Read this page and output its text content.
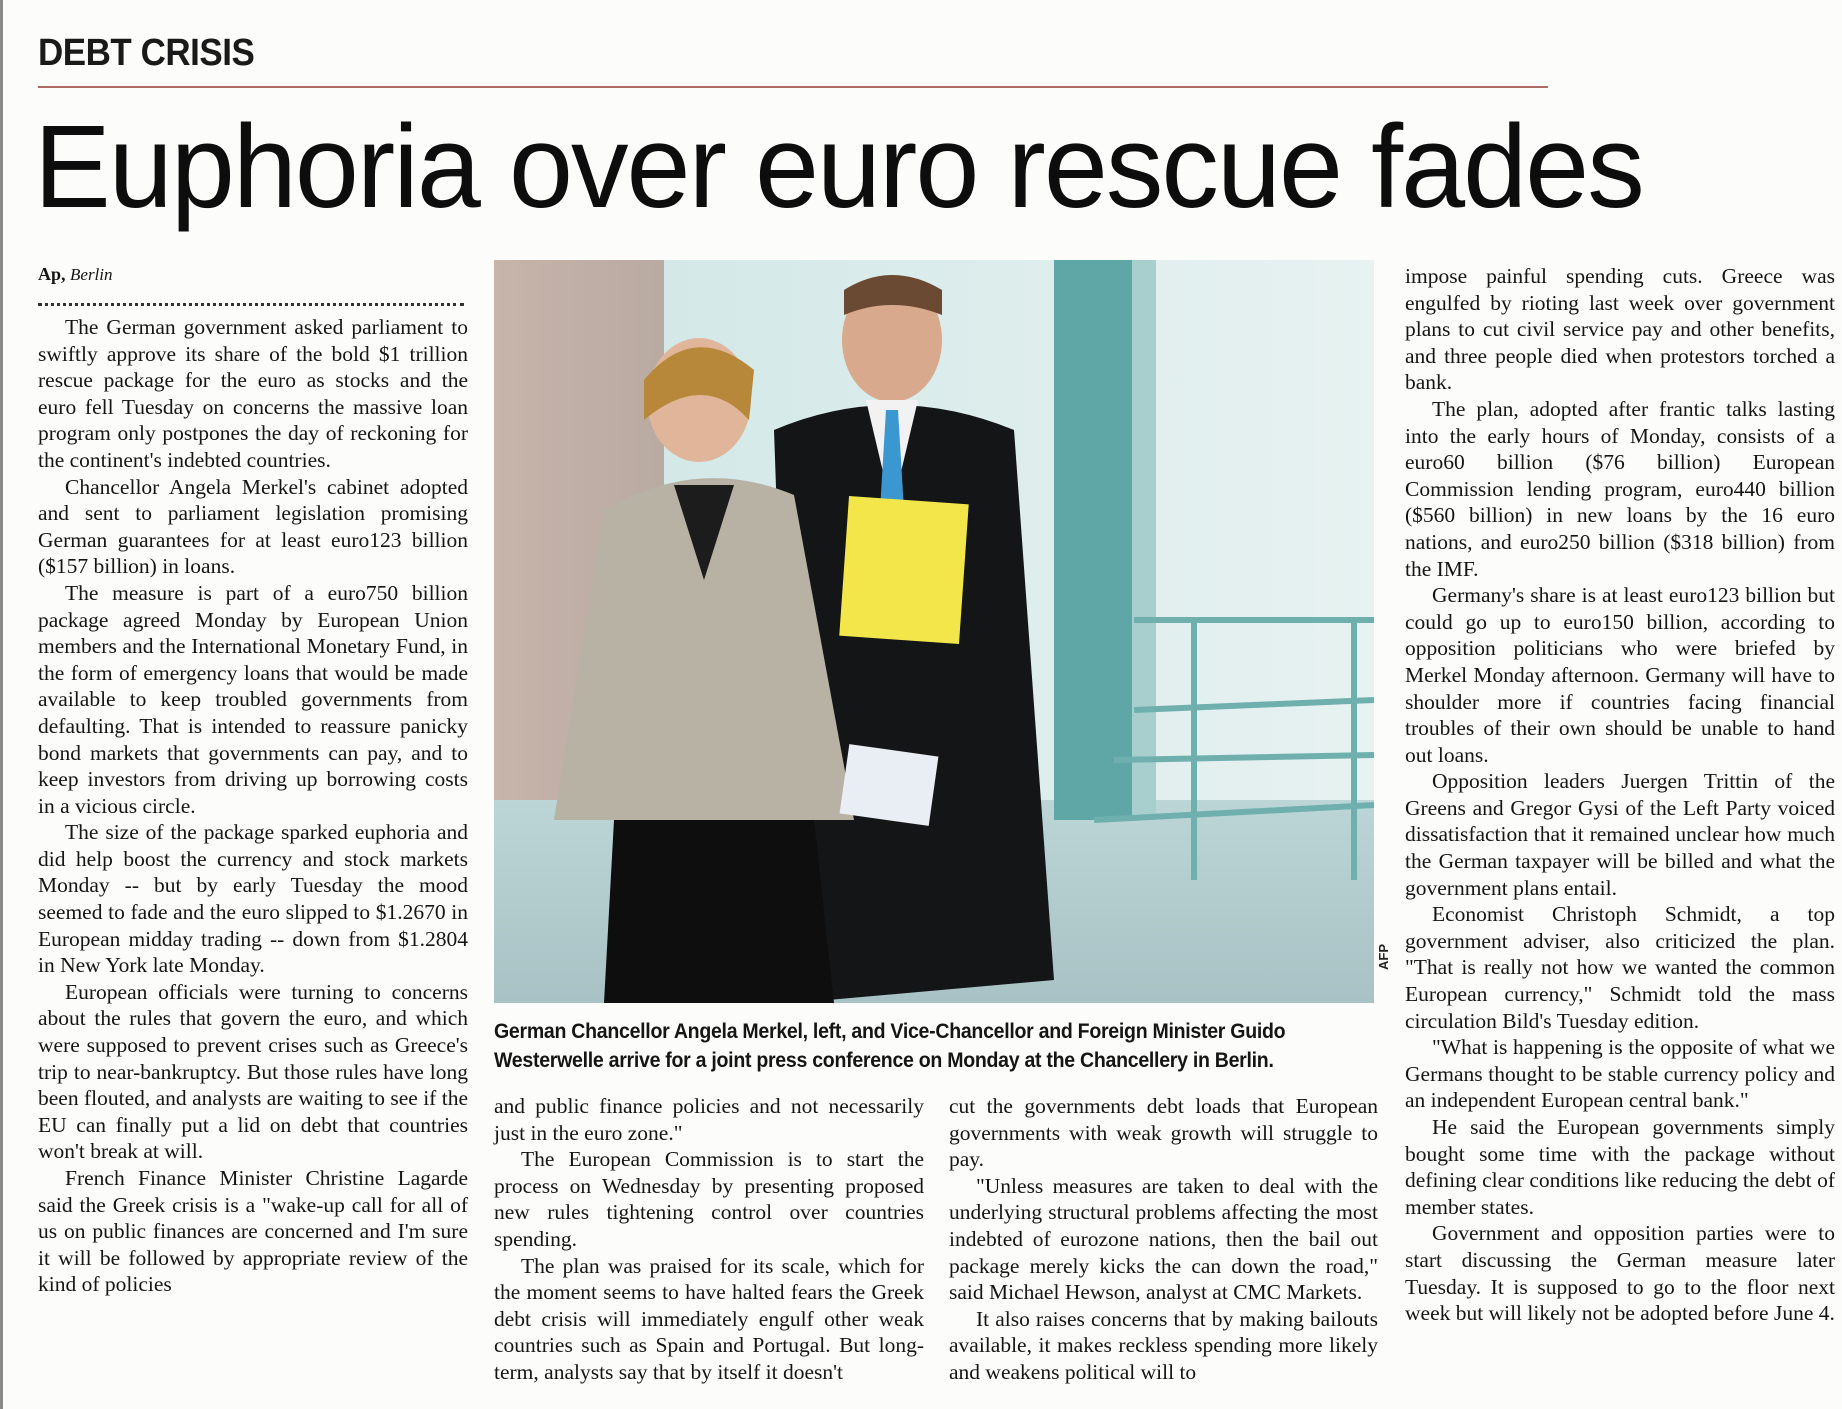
DEBT CRISIS
Euphoria over euro rescue fades
Ap, Berlin

The German government asked parliament to swiftly approve its share of the bold $1 trillion rescue package for the euro as stocks and the euro fell Tuesday on concerns the massive loan program only postpones the day of reckoning for the continent's indebted countries.

Chancellor Angela Merkel's cabinet adopted and sent to parliament legislation promising German guarantees for at least euro123 billion ($157 billion) in loans.

The measure is part of a euro750 billion package agreed Monday by European Union members and the International Monetary Fund, in the form of emergency loans that would be made available to keep troubled governments from defaulting. That is intended to reassure panicky bond markets that governments can pay, and to keep investors from driving up borrowing costs in a vicious circle.

The size of the package sparked euphoria and did help boost the currency and stock markets Monday -- but by early Tuesday the mood seemed to fade and the euro slipped to $1.2670 in European midday trading -- down from $1.2804 in New York late Monday.

European officials were turning to concerns about the rules that govern the euro, and which were supposed to prevent crises such as Greece's trip to near-bankruptcy. But those rules have long been flouted, and analysts are waiting to see if the EU can finally put a lid on debt that countries won't break at will.

French Finance Minister Christine Lagarde said the Greek crisis is a "wake-up call for all of us on public finances are concerned and I'm sure it will be followed by appropriate review of the kind of policies

AFP

German Chancellor Angela Merkel, left, and Vice-Chancellor and Foreign Minister Guido Westerwelle arrive for a joint press conference on Monday at the Chancellery in Berlin.

and public finance policies and not necessarily just in the euro zone."

The European Commission is to start the process on Wednesday by presenting proposed new rules tightening control over countries spending.

The plan was praised for its scale, which for the moment seems to have halted fears the Greek debt crisis will immediately engulf other weak countries such as Spain and Portugal. But long-term, analysts say that by itself it doesn't

cut the governments debt loads that European governments with weak growth will struggle to pay.

"Unless measures are taken to deal with the underlying structural problems affecting the most indebted of eurozone nations, then the bail out package merely kicks the can down the road," said Michael Hewson, analyst at CMC Markets.

It also raises concerns that by making bailouts available, it makes reckless spending more likely and weakens political will to

impose painful spending cuts. Greece was engulfed by rioting last week over government plans to cut civil service pay and other benefits, and three people died when protestors torched a bank.

The plan, adopted after frantic talks lasting into the early hours of Monday, consists of a euro60 billion ($76 billion) European Commission lending program, euro440 billion ($560 billion) in new loans by the 16 euro nations, and euro250 billion ($318 billion) from the IMF.

Germany's share is at least euro123 billion but could go up to euro150 billion, according to opposition politicians who were briefed by Merkel Monday afternoon. Germany will have to shoulder more if countries facing financial troubles of their own should be unable to hand out loans.

Opposition leaders Juergen Trittin of the Greens and Gregor Gysi of the Left Party voiced dissatisfaction that it remained unclear how much the German taxpayer will be billed and what the government plans entail.

Economist Christoph Schmidt, a top government adviser, also criticized the plan. "That is really not how we wanted the common European currency," Schmidt told the mass circulation Bild's Tuesday edition.

"What is happening is the opposite of what we Germans thought to be stable currency policy and an independent European central bank."

He said the European governments simply bought some time with the package without defining clear conditions like reducing the debt of member states.

Government and opposition parties were to start discussing the German measure later Tuesday. It is supposed to go to the floor next week but will likely not be adopted before June 4.
